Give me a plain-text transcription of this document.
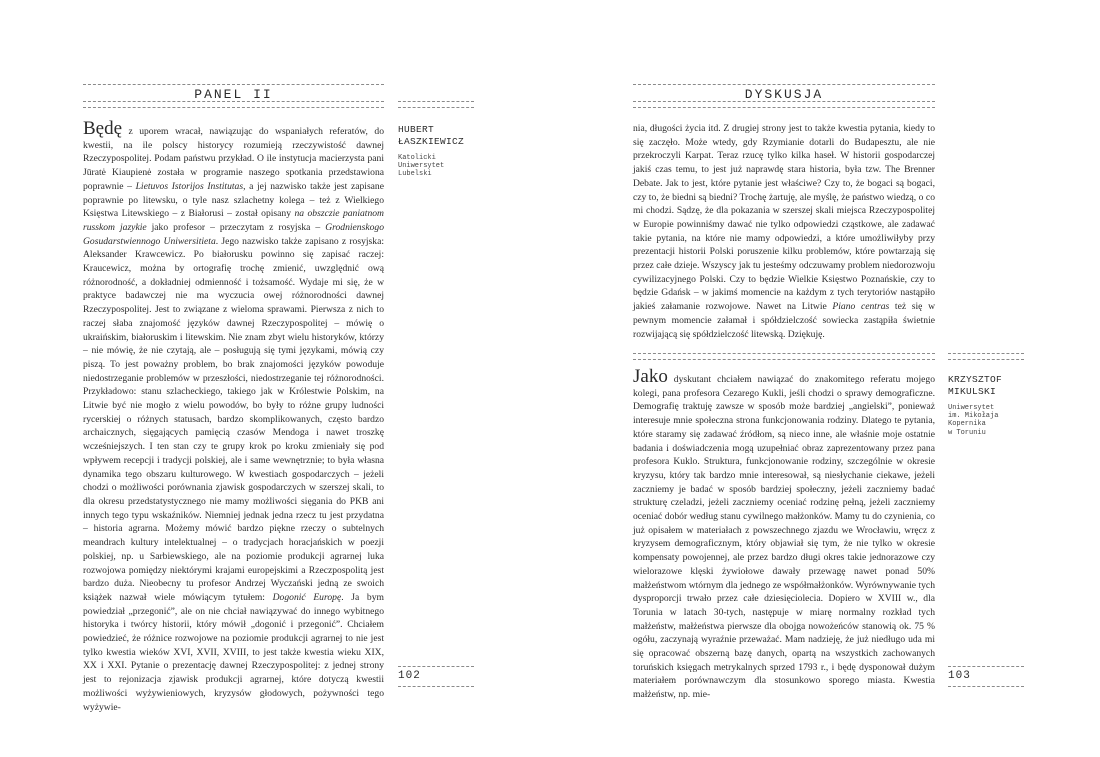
PANEL II
HUBERT
ŁASZKIEWICZ
Katolicki
Uniwersytet
Lubelski

Będę z uporem wracał, nawiązując do wspaniałych referatów, do kwestii, na ile polscy historycy rozumieją rzeczywistość dawnej Rzeczypospolitej. Podam państwu przykład. O ile instytucja macierzysta pani Jūratė Kiaupienė została w programie naszego spotkania przedstawiona poprawnie – Lietuvos Istorijos Institutas, a jej nazwisko także jest zapisane poprawnie po litewsku, o tyle nasz szlachetny kolega – też z Wielkiego Księstwa Litewskiego – z Białorusi – został opisany na obszczie paniatnom russkom jazykie jako profesor – przeczytam z rosyjska – Grodnienskogo Gosudarstwiennogo Uniwersitieta. Jego nazwisko także zapisano z rosyjska: Aleksander Krawcewicz. Po białorusku powinno się zapisać raczej: Kraucewicz, można by ortografię trochę zmienić, uwzględnić ową różnorodność, a dokładniej odmienność i tożsamość. Wydaje mi się, że w praktyce badawczej nie ma wyczucia owej różnorodności dawnej Rzeczypospolitej. Jest to związane z wieloma sprawami. Pierwsza z nich to raczej słaba znajomość języków dawnej Rzeczypospolitej – mówię o ukraińskim, białoruskim i litewskim. Nie znam zbyt wielu historyków, którzy – nie mówię, że nie czytają, ale – posługują się tymi językami, mówią czy piszą. To jest poważny problem, bo brak znajomości języków powoduje niedostrzeganie problemów w przeszłości, niedostrzeganie tej różnorodności. Przykładowo: stanu szlacheckiego, takiego jak w Królestwie Polskim, na Litwie być nie mogło z wielu powodów, bo były to różne grupy ludności rycerskiej o różnych statusach, bardzo skomplikowanych, często bardzo archaicznych, sięgających pamięcią czasów Mendoga i nawet troszkę wcześniejszych. I ten stan czy te grupy krok po kroku zmieniały się pod wpływem recepcji i tradycji polskiej, ale i same wewnętrznie; to była własna dynamika tego obszaru kulturowego. W kwestiach gospodarczych – jeżeli chodzi o możliwości porównania zjawisk gospodarczych w szerszej skali, to dla okresu przedstatystycznego nie mamy możliwości sięgania do PKB ani innych tego typu wskaźników. Niemniej jednak jedna rzecz tu jest przydatna – historia agrarna. Możemy mówić bardzo piękne rzeczy o subtelnych meandrach kultury intelektualnej – o tradycjach horacjańskich w poezji polskiej, np. u Sarbiewskiego, ale na poziomie produkcji agrarnej luka rozwojowa pomiędzy niektórymi krajami europejskimi a Rzeczpospolitą jest bardzo duża. Nieobecny tu profesor Andrzej Wyczański jedną ze swoich książek nazwał wiele mówiącym tytułem: Dogonić Europę. Ja bym powiedział „przegonić”, ale on nie chciał nawiązywać do innego wybitnego historyka i twórcy historii, który mówił „dogonić i przegonić”. Chciałem powiedzieć, że różnice rozwojowe na poziomie produkcji agrarnej to nie jest tylko kwestia wieków XVI, XVII, XVIII, to jest także kwestia wieku XIX, XX i XXI. Pytanie o prezentację dawnej Rzeczypospolitej: z jednej strony jest to rejonizacja zjawisk produkcji agrarnej, które dotyczą kwestii możliwości wyżywieniowych, kryzysów głodowych, pożywności tego wyżywie-

102
DYSKUSJA

nia, długości życia itd. Z drugiej strony jest to także kwestia pytania, kiedy to się zaczęło. Może wtedy, gdy Rzymianie dotarli do Budapesztu, ale nie przekroczyli Karpat. Teraz rzucę tylko kilka haseł. W historii gospodarczej jakiś czas temu, to jest już naprawdę stara historia, była tzw. The Brenner Debate. Jak to jest, które pytanie jest właściwe? Czy to, że bogaci są bogaci, czy to, że biedni są biedni? Trochę żartuję, ale myślę, że państwo wiedzą, o co mi chodzi. Sądzę, że dla pokazania w szerszej skali miejsca Rzeczypospolitej w Europie powinniśmy dawać nie tylko odpowiedzi cząstkowe, ale zadawać takie pytania, na które nie mamy odpowiedzi, a które umożliwiłyby przy prezentacji historii Polski poruszenie kilku problemów, które powtarzają się przez całe dzieje. Wszyscy jak tu jesteśmy odczuwamy problem niedorozwoju cywilizacyjnego Polski. Czy to będzie Wielkie Księstwo Poznańskie, czy to będzie Gdańsk – w jakimś momencie na każdym z tych terytoriów nastąpiło jakieś załamanie rozwojowe. Nawet na Litwie Piano centras też się w pewnym momencie załamał i spółdzielczość sowiecka zastąpiła świetnie rozwijającą się spółdzielczość litewską. Dziękuję.

KRZYSZTOF
MIKULSKI
Uniwersytet
im. Mikołaja
Kopernika
w Toruniu

Jako dyskutant chciałem nawiązać do znakomitego referatu mojego kolegi, pana profesora Cezarego Kukli, jeśli chodzi o sprawy demograficzne. Demografię traktuję zawsze w sposób może bardziej „angielski”, ponieważ interesuje mnie społeczna strona funkcjonowania rodziny. Dlatego te pytania, które staramy się zadawać źródłom, są nieco inne, ale właśnie moje ostatnie badania i doświadczenia mogą uzupełniać obraz zaprezentowany przez pana profesora Kuklo. Struktura, funkcjonowanie rodziny, szczególnie w okresie kryzysu, który tak bardzo mnie interesował, są niesłychanie ciekawe, jeżeli zaczniemy je badać w sposób bardziej społeczny, jeżeli zaczniemy badać strukturę czeladzi, jeżeli zaczniemy oceniać rodzinę pełną, jeżeli zaczniemy oceniać dobór według stanu cywilnego małżonków. Mamy tu do czynienia, co już opisałem w materiałach z powszechnego zjazdu we Wrocławiu, wręcz z kryzysem demograficznym, który objawiał się tym, że nie tylko w okresie kompensaty powojennej, ale przez bardzo długi okres takie jednorazowe czy wielorazowe klęski żywiołowe dawały przewagę nawet ponad 50% małżeństwom wtórnym dla jednego ze współmałżonków. Wyrównywanie tych dysproporcji trwało przez całe dziesięciolecia. Dopiero w XVIII w., dla Torunia w latach 30-tych, następuje w miarę normalny rozkład tych małżeństw, małżeństwa pierwsze dla obojga nowożeńców stanowią ok. 75 % ogółu, zaczynają wyraźnie przeważać. Mam nadzieję, że już niedługo uda mi się opracować obszerną bazę danych, opartą na wszystkich zachowanych toruńskich księgach metrykalnych sprzed 1793 r., i będę dysponował dużym materiałem porównawczym dla stosunkowo sporego miasta. Kwestia małżeństw, np. mie-

103
